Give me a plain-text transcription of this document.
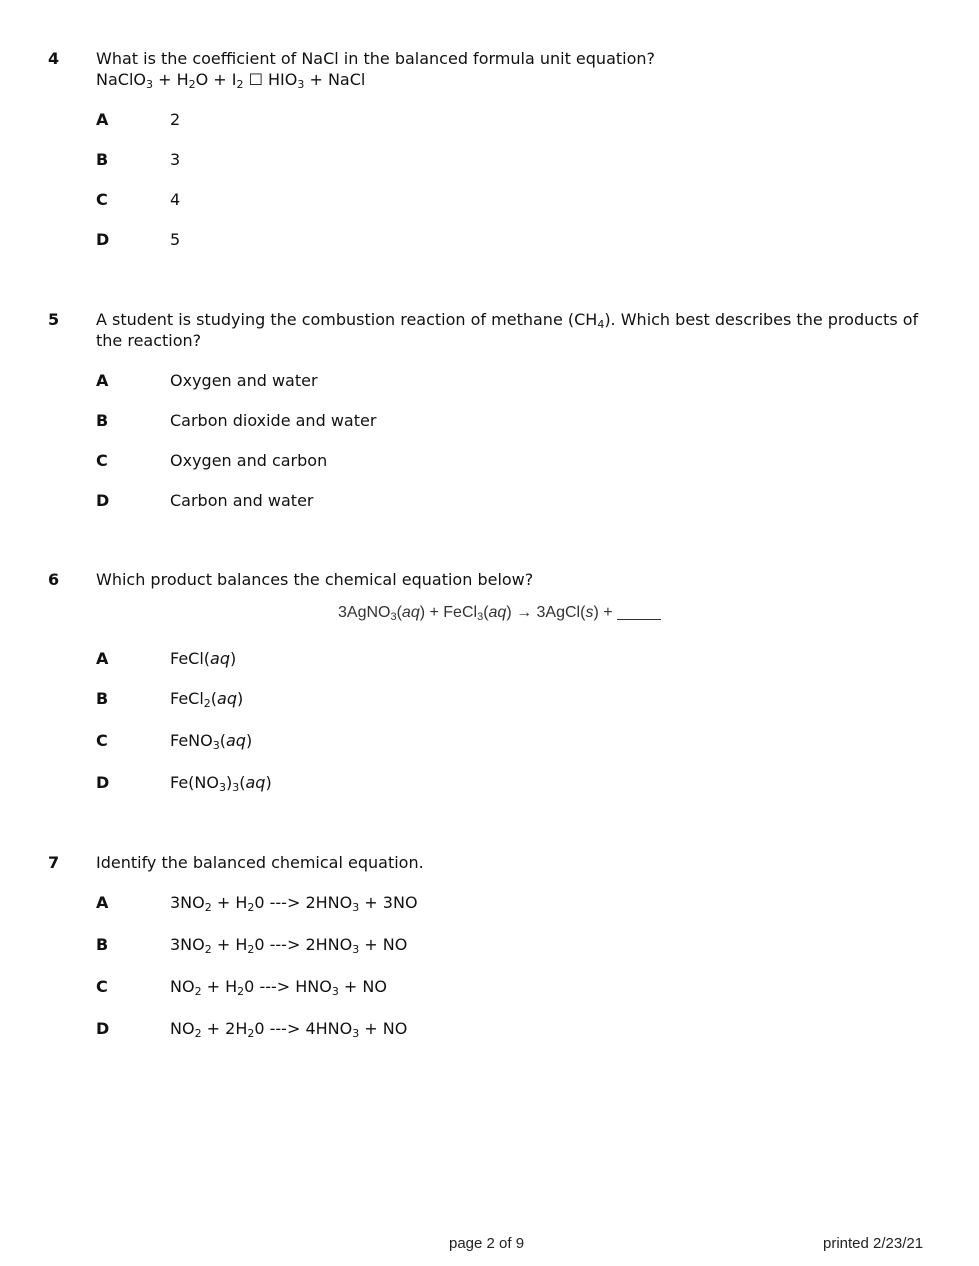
4 What is the coefficient of NaCl in the balanced formula unit equation?
NaClO$_3$ + $H_2O + I_2$ ☐ $HIO_3$ + NaCl
A	2
B	3
C	4
D	5
5 A student is studying the combustion reaction of methane $(CH_4)$. Which best describes the products of
the reaction?
A	Oxygen and water
B	Carbon dioxide and water
C	Oxygen and carbon
D	Carbon and water
6 Which product balances the chemical equation below?
3AgNO$_3$(aq) + FeCl$_3$(aq) → 3AgCl(s) +
A	FeCl(aq)
B	FeCl$_2$(aq)
C	FeNO$_3$(aq)
D	$Fe(NO_3)_3(aq)$
7 Identify the balanced chemical equation.
A	$3NO_2 + H_20$ ---> $2HNO_3 + 3NO$
B	$3NO_2 + H_20$ ---> $2HNO_3$ + NO
C	$NO_2 + H_20$ ---> $HNO_3$ + NO
D	$NO_2 + 2H_20$ ---> $4HNO_3$ + NO
page 2 of 9	printed 2/23/21
